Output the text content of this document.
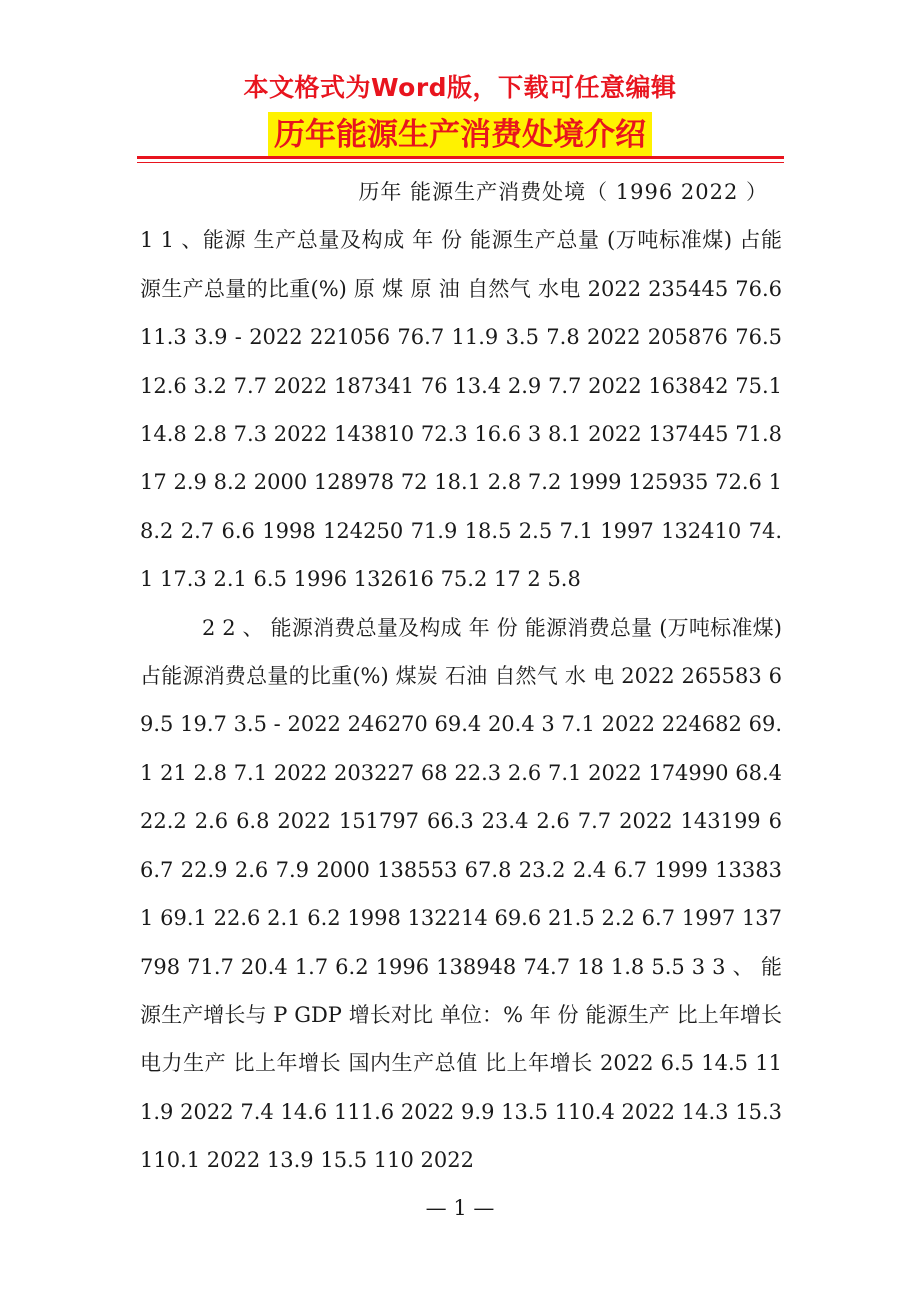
本文格式为Word版，下载可任意编辑
历年能源生产消费处境介绍

历年 能源生产消费处境（ 1996 2022 ）

1 1 、能源 生产总量及构成 年 份 能源生产总量 (万吨标准煤) 占能源生产总量的比重(%) 原 煤 原 油 自然气 水电 2022 235445 76.6 11.3 3.9 - 2022 221056 76.7 11.9 3.5 7.8 2022 205876 76.5 12.6 3.2 7.7 2022 187341 76 13.4 2.9 7.7 2022 163842 75.1 14.8 2.8 7.3 2022 143810 72.3 16.6 3 8.1 2022 137445 71.8 17 2.9 8.2 2000 128978 72 18.1 2.8 7.2 1999 125935 72.6 18.2 2.7 6.6 1998 124250 71.9 18.5 2.5 7.1 1997 132410 74.1 17.3 2.1 6.5 1996 132616 75.2 17 2 5.8

2 2 、 能源消费总量及构成 年 份 能源消费总量 (万吨标准煤) 占能源消费总量的比重(%) 煤炭 石油 自然气 水 电 2022 265583 69.5 19.7 3.5 - 2022 246270 69.4 20.4 3 7.1 2022 224682 69.1 21 2.8 7.1 2022 203227 68 22.3 2.6 7.1 2022 174990 68.4 22.2 2.6 6.8 2022 151797 66.3 23.4 2.6 7.7 2022 143199 66.7 22.9 2.6 7.9 2000 138553 67.8 23.2 2.4 6.7 1999 133831 69.1 22.6 2.1 6.2 1998 132214 69.6 21.5 2.2 6.7 1997 137798 71.7 20.4 1.7 6.2 1996 138948 74.7 18 1.8 5.5 3 3 、 能源生产增长与 P GDP 增长对比 单位：% 年 份 能源生产 比上年增长 电力生产 比上年增长 国内生产总值 比上年增长 2022 6.5 14.5 111.9 2022 7.4 14.6 111.6 2022 9.9 13.5 110.4 2022 14.3 15.3 110.1 2022 13.9 15.5 110 2022

— 1 —
